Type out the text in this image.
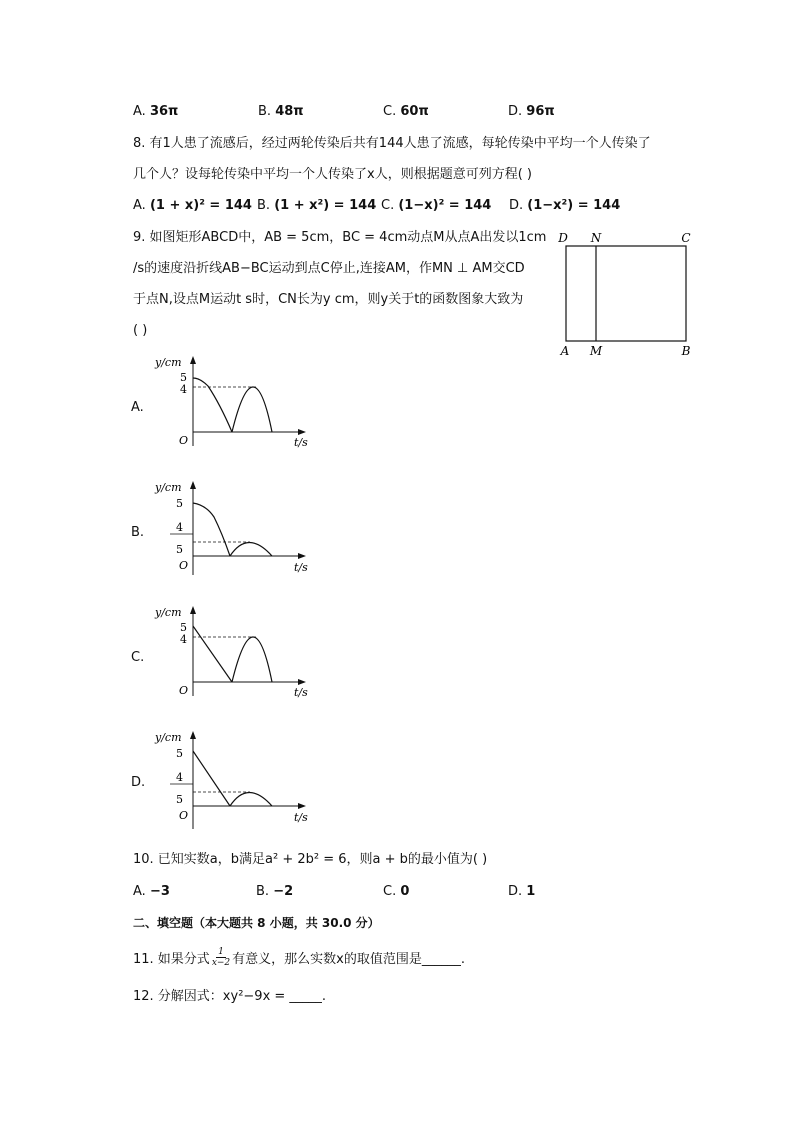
A. 36π	B. 48π	C. 60π	D. 96π
8. 有1人患了流感后，经过两轮传染后共有144人患了流感，每轮传染中平均一个人传染了
几个人？设每轮传染中平均一个人传染了x人，则根据题意可列方程( )
A. (1 + x)² = 144 B. (1 + x²) = 144 C. (1−x)² = 144 D. (1−x²) = 144
9. 如图矩形ABCD中，AB = 5cm，BC = 4cm动点M从点A出发以1cm
/s的速度沿折线AB−BC运动到点C停止,连接AM，作MN ⊥ AM交CD
于点N,设点M运动t s时，CN长为y cm，则y关于t的函数图象大致为
( )
D N	C
A M	B
A.
y/cm
5
4
O	t/s
B.
y/cm
5
4
5
O	t/s
C.
y/cm
5
4
O	t/s
D.
y/cm
5
4
5
O	t/s
10. 已知实数a，b满足a² + 2b² = 6，则a + b的最小值为( )
A. −3	B. −2	C. 0	D. 1
二、填空题（本大题共 8 小题，共 30.0 分）
11. 如果分式 $\frac{1}{x-2}$ 有意义，那么实数x的取值范围是______.
12. 分解因式：xy²−9x = _____.
